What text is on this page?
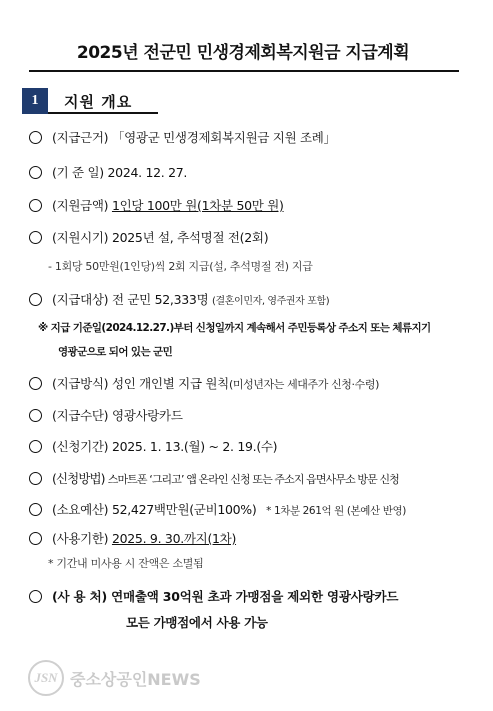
2025년 전군민 민생경제회복지원금 지급계획
1	지원 개요
(지급근거) 「영광군 민생경제회복지원금 지원 조례」
(기 준 일) 2024. 12. 27.
(지원금액) 1인당 100만 원(1차분 50만 원)
(지원시기) 2025년 설, 추석명절 전(2회)
- 1회당 50만원(1인당)씩 2회 지급(설, 추석명절 전) 지급
(지급대상) 전 군민 52,333명 (결혼이민자, 영주권자 포함)
※ 지급 기준일(2024.12.27.)부터 신청일까지 계속해서 주민등록상 주소지 또는 체류지기
영광군으로 되어 있는 군민
(지급방식) 성인 개인별 지급 원칙(미성년자는 세대주가 신청·수령)
(지급수단) 영광사랑카드
(신청기간) 2025. 1. 13.(월) ~ 2. 19.(수)
(신청방법) 스마트폰 ‘그리고’ 앱 온라인 신청 또는 주소지 읍면사무소 방문 신청
(소요예산) 52,427백만원(군비100%) * 1차분 261억 원 (본예산 반영)
(사용기한) 2025. 9. 30.까지(1차)
* 기간내 미사용 시 잔액은 소멸됨
(사 용 처) 연매출액 30억원 초과 가맹점을 제외한 영광사랑카드
모든 가맹점에서 사용 가능
JSN 중소상공인NEWS
